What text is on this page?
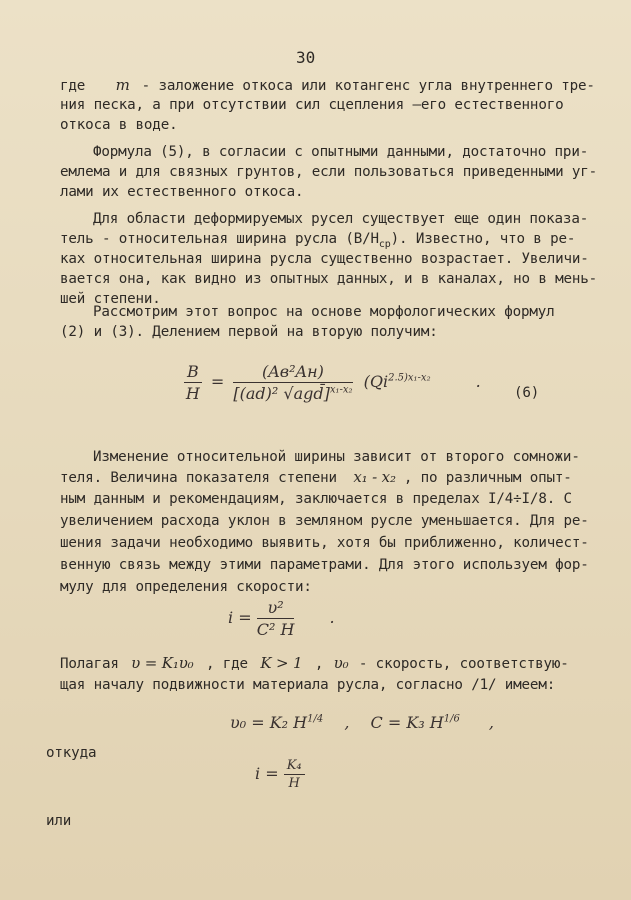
30
где m - заложение откоса или котангенс угла внутреннего тре-
ния песка, а при отсутствии сил сцепления —его естественного
откоса в воде.
Формула (5), в согласии с опытными данными, достаточно при-
емлема и для связных грунтов, если пользоваться приведенными уг-
лами их естественного откоса.
Для области деформируемых русел существует еще один показа-
тель - относительная ширина русла $(В/Н_{ср})$. Известно, что в ре-
ках относительная ширина русла существенно возрастает. Увеличи-
вается она, как видно из опытных данных, и в каналах, но в мень-
шей степени.
Рассмотрим этот вопрос на основе морфологических формул
(2) и (3). Делением первой на вторую получим:
$\frac{B}{H} = \frac{\text{(Aв²Aн)}}{[(ad)^2 √agd̄]^{x_1-x_2}} (Qi^{2.5)x_1-x_2}$	.
(6)
Изменение относительной ширины зависит от второго сомножи-
теля. Величина показателя степени x₁ - x₂ , по различным опыт-
ным данным и рекомендациям, заключается в пределах I/4÷I/8. С
увеличением расхода уклон в земляном русле уменьшается. Для ре-
шения задачи необходимо выявить, хотя бы приближенно, количест-
венную связь между этими параметрами. Для этого используем фор-
мулу для определения скорости:
$i = \frac{\text{υ²}}{\text{C² H}}$ .
Полагая υ = K₁υ₀ , где K > 1 , υ₀ - скорость, соответствую-
щая началу подвижности материала русла, согласно /1/ имеем:
υ₀ = K₂ $H^{1/4}$ , C = K₃ $H^{1/6}$ ,
откуда
$i = \frac{\text{K₄}}{H}$
или
